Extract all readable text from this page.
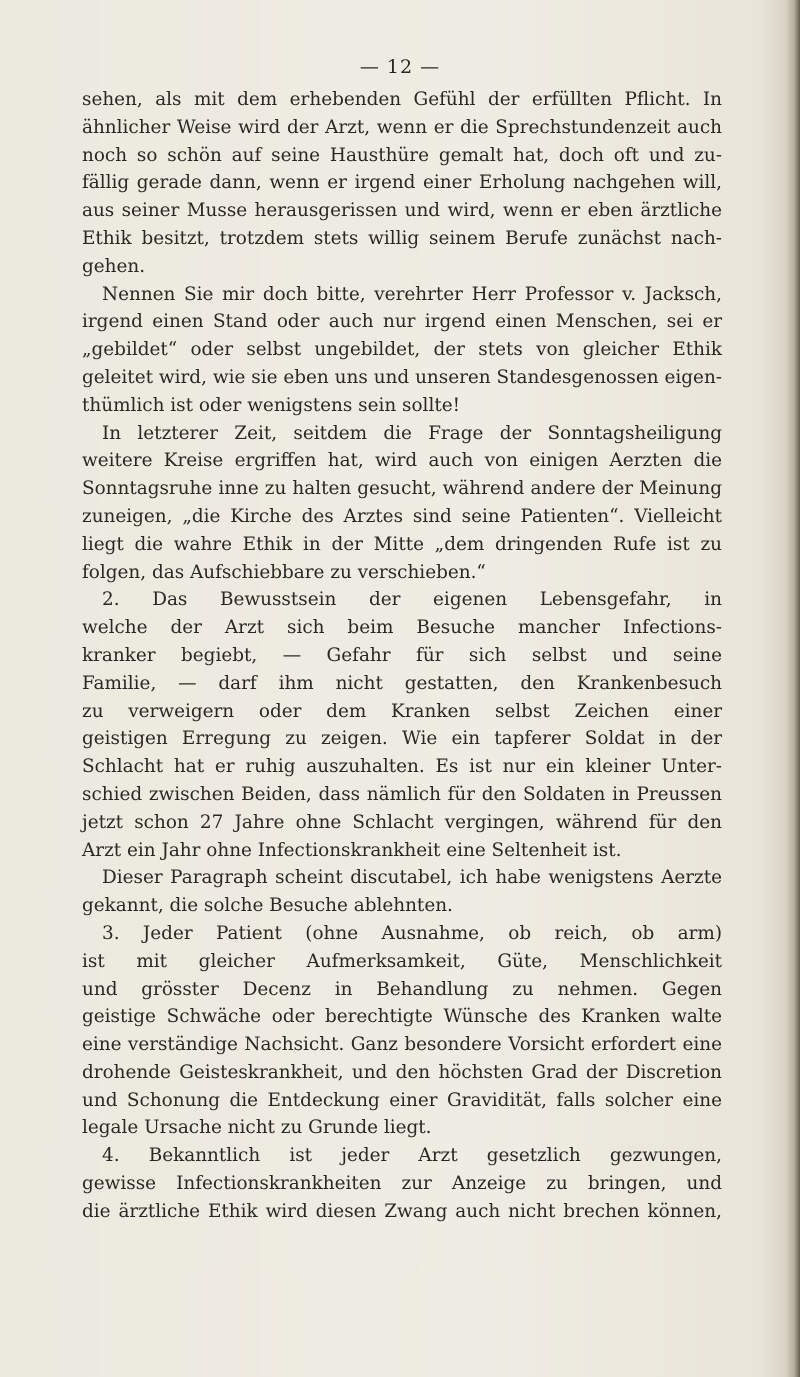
— 12 —
sehen, als mit dem erhebenden Gefühl der erfüllten Pflicht. In
ähnlicher Weise wird der Arzt, wenn er die Sprechstundenzeit auch
noch so schön auf seine Hausthüre gemalt hat, doch oft und zu-
fällig gerade dann, wenn er irgend einer Erholung nachgehen will,
aus seiner Musse herausgerissen und wird, wenn er eben ärztliche
Ethik besitzt, trotzdem stets willig seinem Berufe zunächst nach-
gehen.
Nennen Sie mir doch bitte, verehrter Herr Professor v. Jacksch,
irgend einen Stand oder auch nur irgend einen Menschen, sei er
„gebildet“ oder selbst ungebildet, der stets von gleicher Ethik
geleitet wird, wie sie eben uns und unseren Standesgenossen eigen-
thümlich ist oder wenigstens sein sollte!
In letzterer Zeit, seitdem die Frage der Sonntagsheiligung
weitere Kreise ergriffen hat, wird auch von einigen Aerzten die
Sonntagsruhe inne zu halten gesucht, während andere der Meinung
zuneigen, „die Kirche des Arztes sind seine Patienten“. Vielleicht
liegt die wahre Ethik in der Mitte „dem dringenden Rufe ist zu
folgen, das Aufschiebbare zu verschieben.“
2. Das Bewusstsein der eigenen Lebensgefahr, in
welche der Arzt sich beim Besuche mancher Infections-
kranker begiebt, — Gefahr für sich selbst und seine
Familie, — darf ihm nicht gestatten, den Krankenbesuch
zu verweigern oder dem Kranken selbst Zeichen einer
geistigen Erregung zu zeigen. Wie ein tapferer Soldat in der
Schlacht hat er ruhig auszuhalten. Es ist nur ein kleiner Unter-
schied zwischen Beiden, dass nämlich für den Soldaten in Preussen
jetzt schon 27 Jahre ohne Schlacht vergingen, während für den
Arzt ein Jahr ohne Infectionskrankheit eine Seltenheit ist.
Dieser Paragraph scheint discutabel, ich habe wenigstens Aerzte
gekannt, die solche Besuche ablehnten.
3. Jeder Patient (ohne Ausnahme, ob reich, ob arm)
ist mit gleicher Aufmerksamkeit, Güte, Menschlichkeit
und grösster Decenz in Behandlung zu nehmen. Gegen
geistige Schwäche oder berechtigte Wünsche des Kranken walte
eine verständige Nachsicht. Ganz besondere Vorsicht erfordert eine
drohende Geisteskrankheit, und den höchsten Grad der Discretion
und Schonung die Entdeckung einer Gravidität, falls solcher eine
legale Ursache nicht zu Grunde liegt.
4. Bekanntlich ist jeder Arzt gesetzlich gezwungen,
gewisse Infectionskrankheiten zur Anzeige zu bringen, und
die ärztliche Ethik wird diesen Zwang auch nicht brechen können,
